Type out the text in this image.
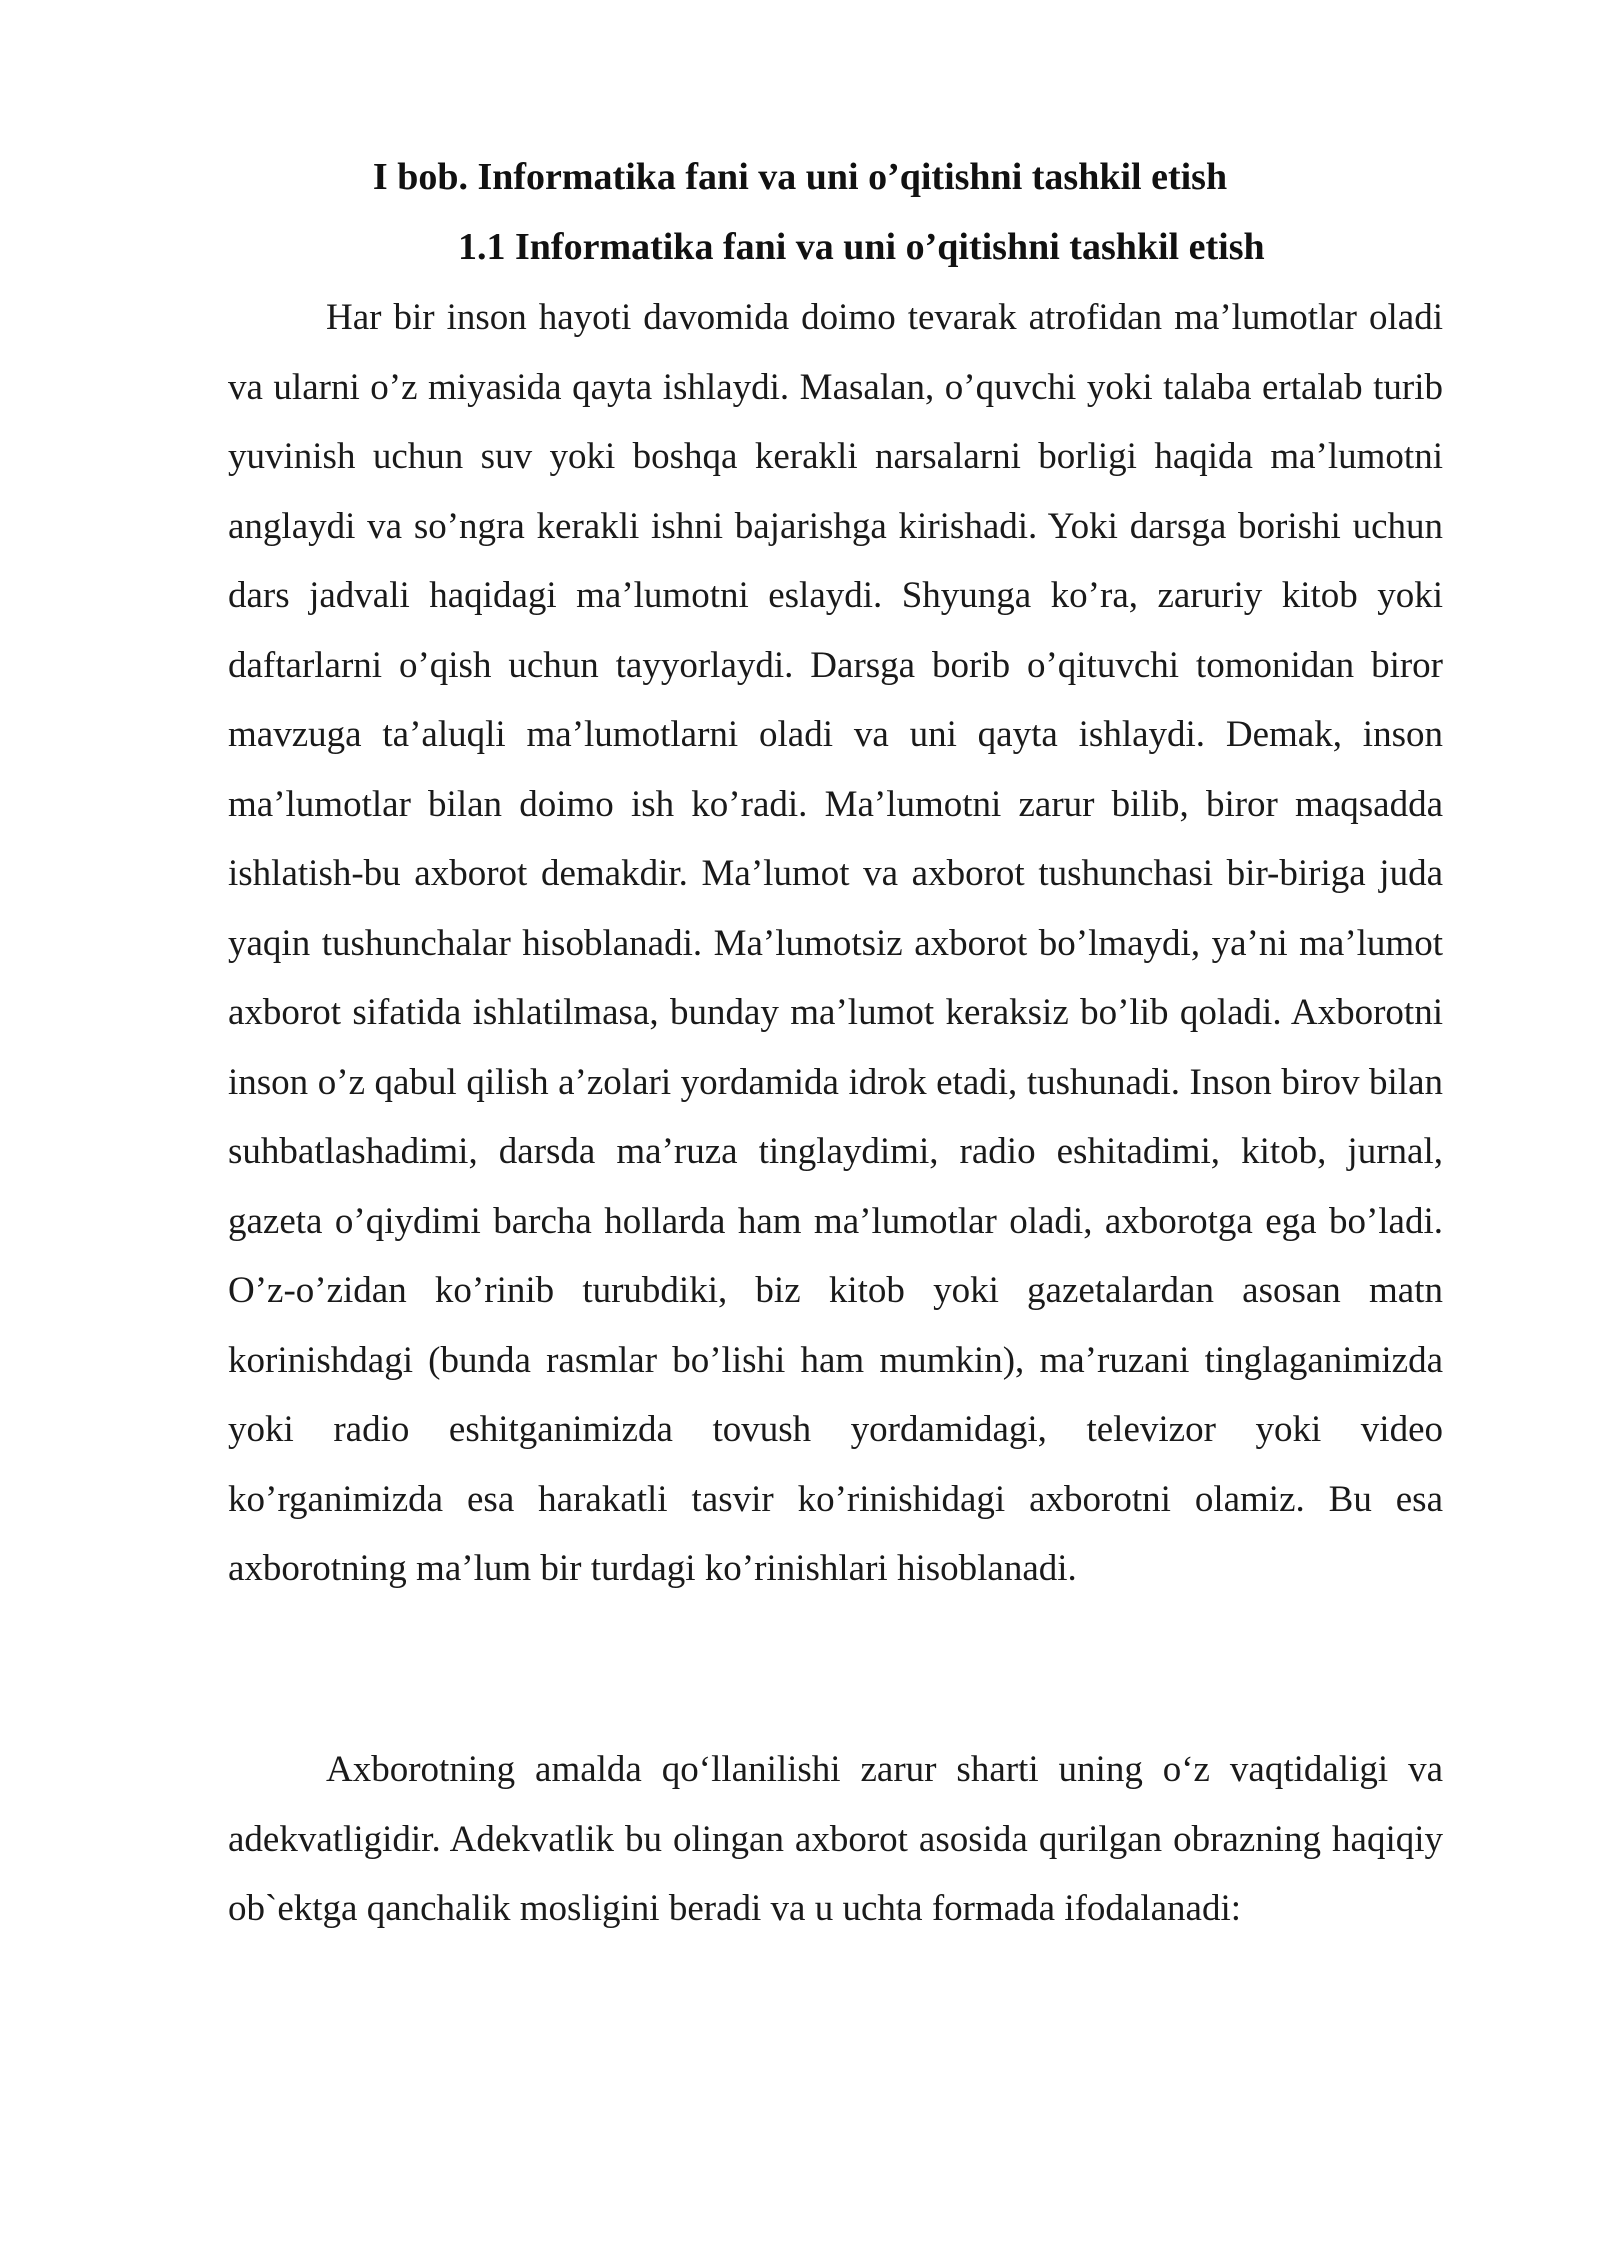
I bob. Informatika fani va uni o’qitishni tashkil etish
1.1 Informatika fani va uni o’qitishni tashkil etish

Har bir inson hayoti davomida doimo tevarak atrofidan ma’lumotlar oladi va ularni o’z miyasida qayta ishlaydi. Masalan, o’quvchi yoki talaba ertalab turib yuvinish uchun suv yoki boshqa kerakli narsalarni borligi haqida ma’lumotni anglaydi va so’ngra kerakli ishni bajarishga kirishadi. Yoki darsga borishi uchun dars jadvali haqidagi ma’lumotni eslaydi. Shyunga ko’ra, zaruriy kitob yoki daftarlarni o’qish uchun tayyorlaydi. Darsga borib o’qituvchi tomonidan biror mavzuga ta’aluqli ma’lumotlarni oladi va uni qayta ishlaydi. Demak, inson ma’lumotlar bilan doimo ish ko’radi. Ma’lumotni zarur bilib, biror maqsadda ishlatish-bu axborot demakdir. Ma’lumot va axborot tushunchasi bir-biriga juda yaqin tushunchalar hisoblanadi. Ma’lumotsiz axborot bo’lmaydi, ya’ni ma’lumot axborot sifatida ishlatilmasa, bunday ma’lumot keraksiz bo’lib qoladi. Axborotni inson o’z qabul qilish a’zolari yordamida idrok etadi, tushunadi. Inson birov bilan suhbatlashadimi, darsda ma’ruza tinglaydimi, radio eshitadimi, kitob, jurnal, gazeta o’qiydimi barcha hollarda ham ma’lumotlar oladi, axborotga ega bo’ladi. O’z-o’zidan ko’rinib turubdiki, biz kitob yoki gazetalardan asosan matn korinishdagi (bunda rasmlar bo’lishi ham mumkin), ma’ruzani tinglaganimizda yoki radio eshitganimizda tovush yordamidagi, televizor yoki video ko’rganimizda esa harakatli tasvir ko’rinishidagi axborotni olamiz. Bu esa axborotning ma’lum bir turdagi ko’rinishlari hisoblanadi.

Axborotning amalda qo‘llanilishi zarur sharti uning o‘z vaqtidaligi va adekvatligidir. Adekvatlik bu olingan axborot asosida qurilgan obrazning haqiqiy ob`ektga qanchalik mosligini beradi va u uchta formada ifodalanadi:
